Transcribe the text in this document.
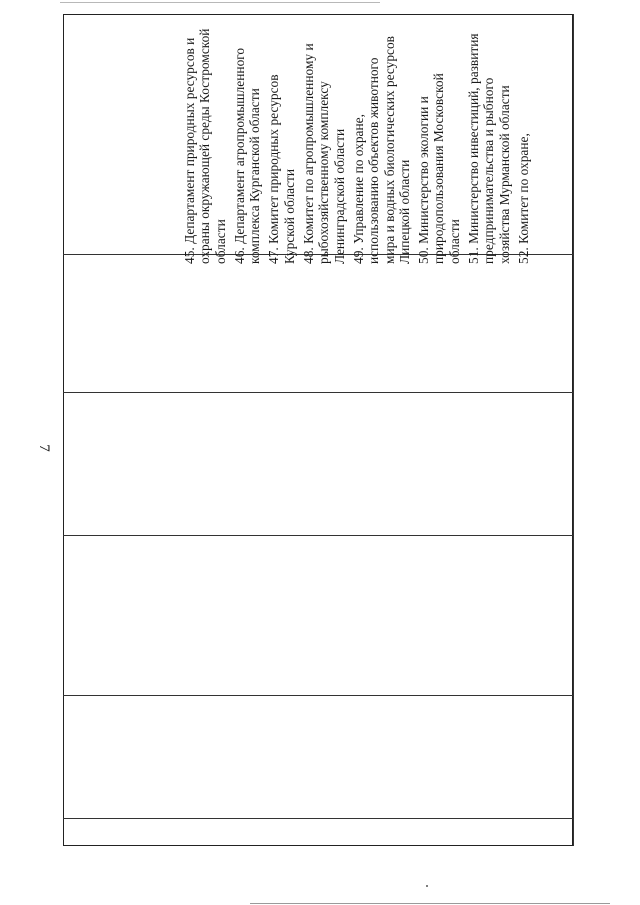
7

45. Департамент природных ресурсов и охраны окружающей среды Костромской области 46. Департамент агропромышленного комплекса Курганской области 47. Комитет природных ресурсов Курской области 48. Комитет по агропромышленному и рыбохозяйственному комплексу Ленинградской области 49. Управление по охране, использованию объектов животного мира и водных биологических ресурсов Липецкой области 50. Министерство экологии и природопользования Московской области 51. Министерство инвестиций, развития предпринимательства и рыбного хозяйства Мурманской области 52. Комитет по охране,
